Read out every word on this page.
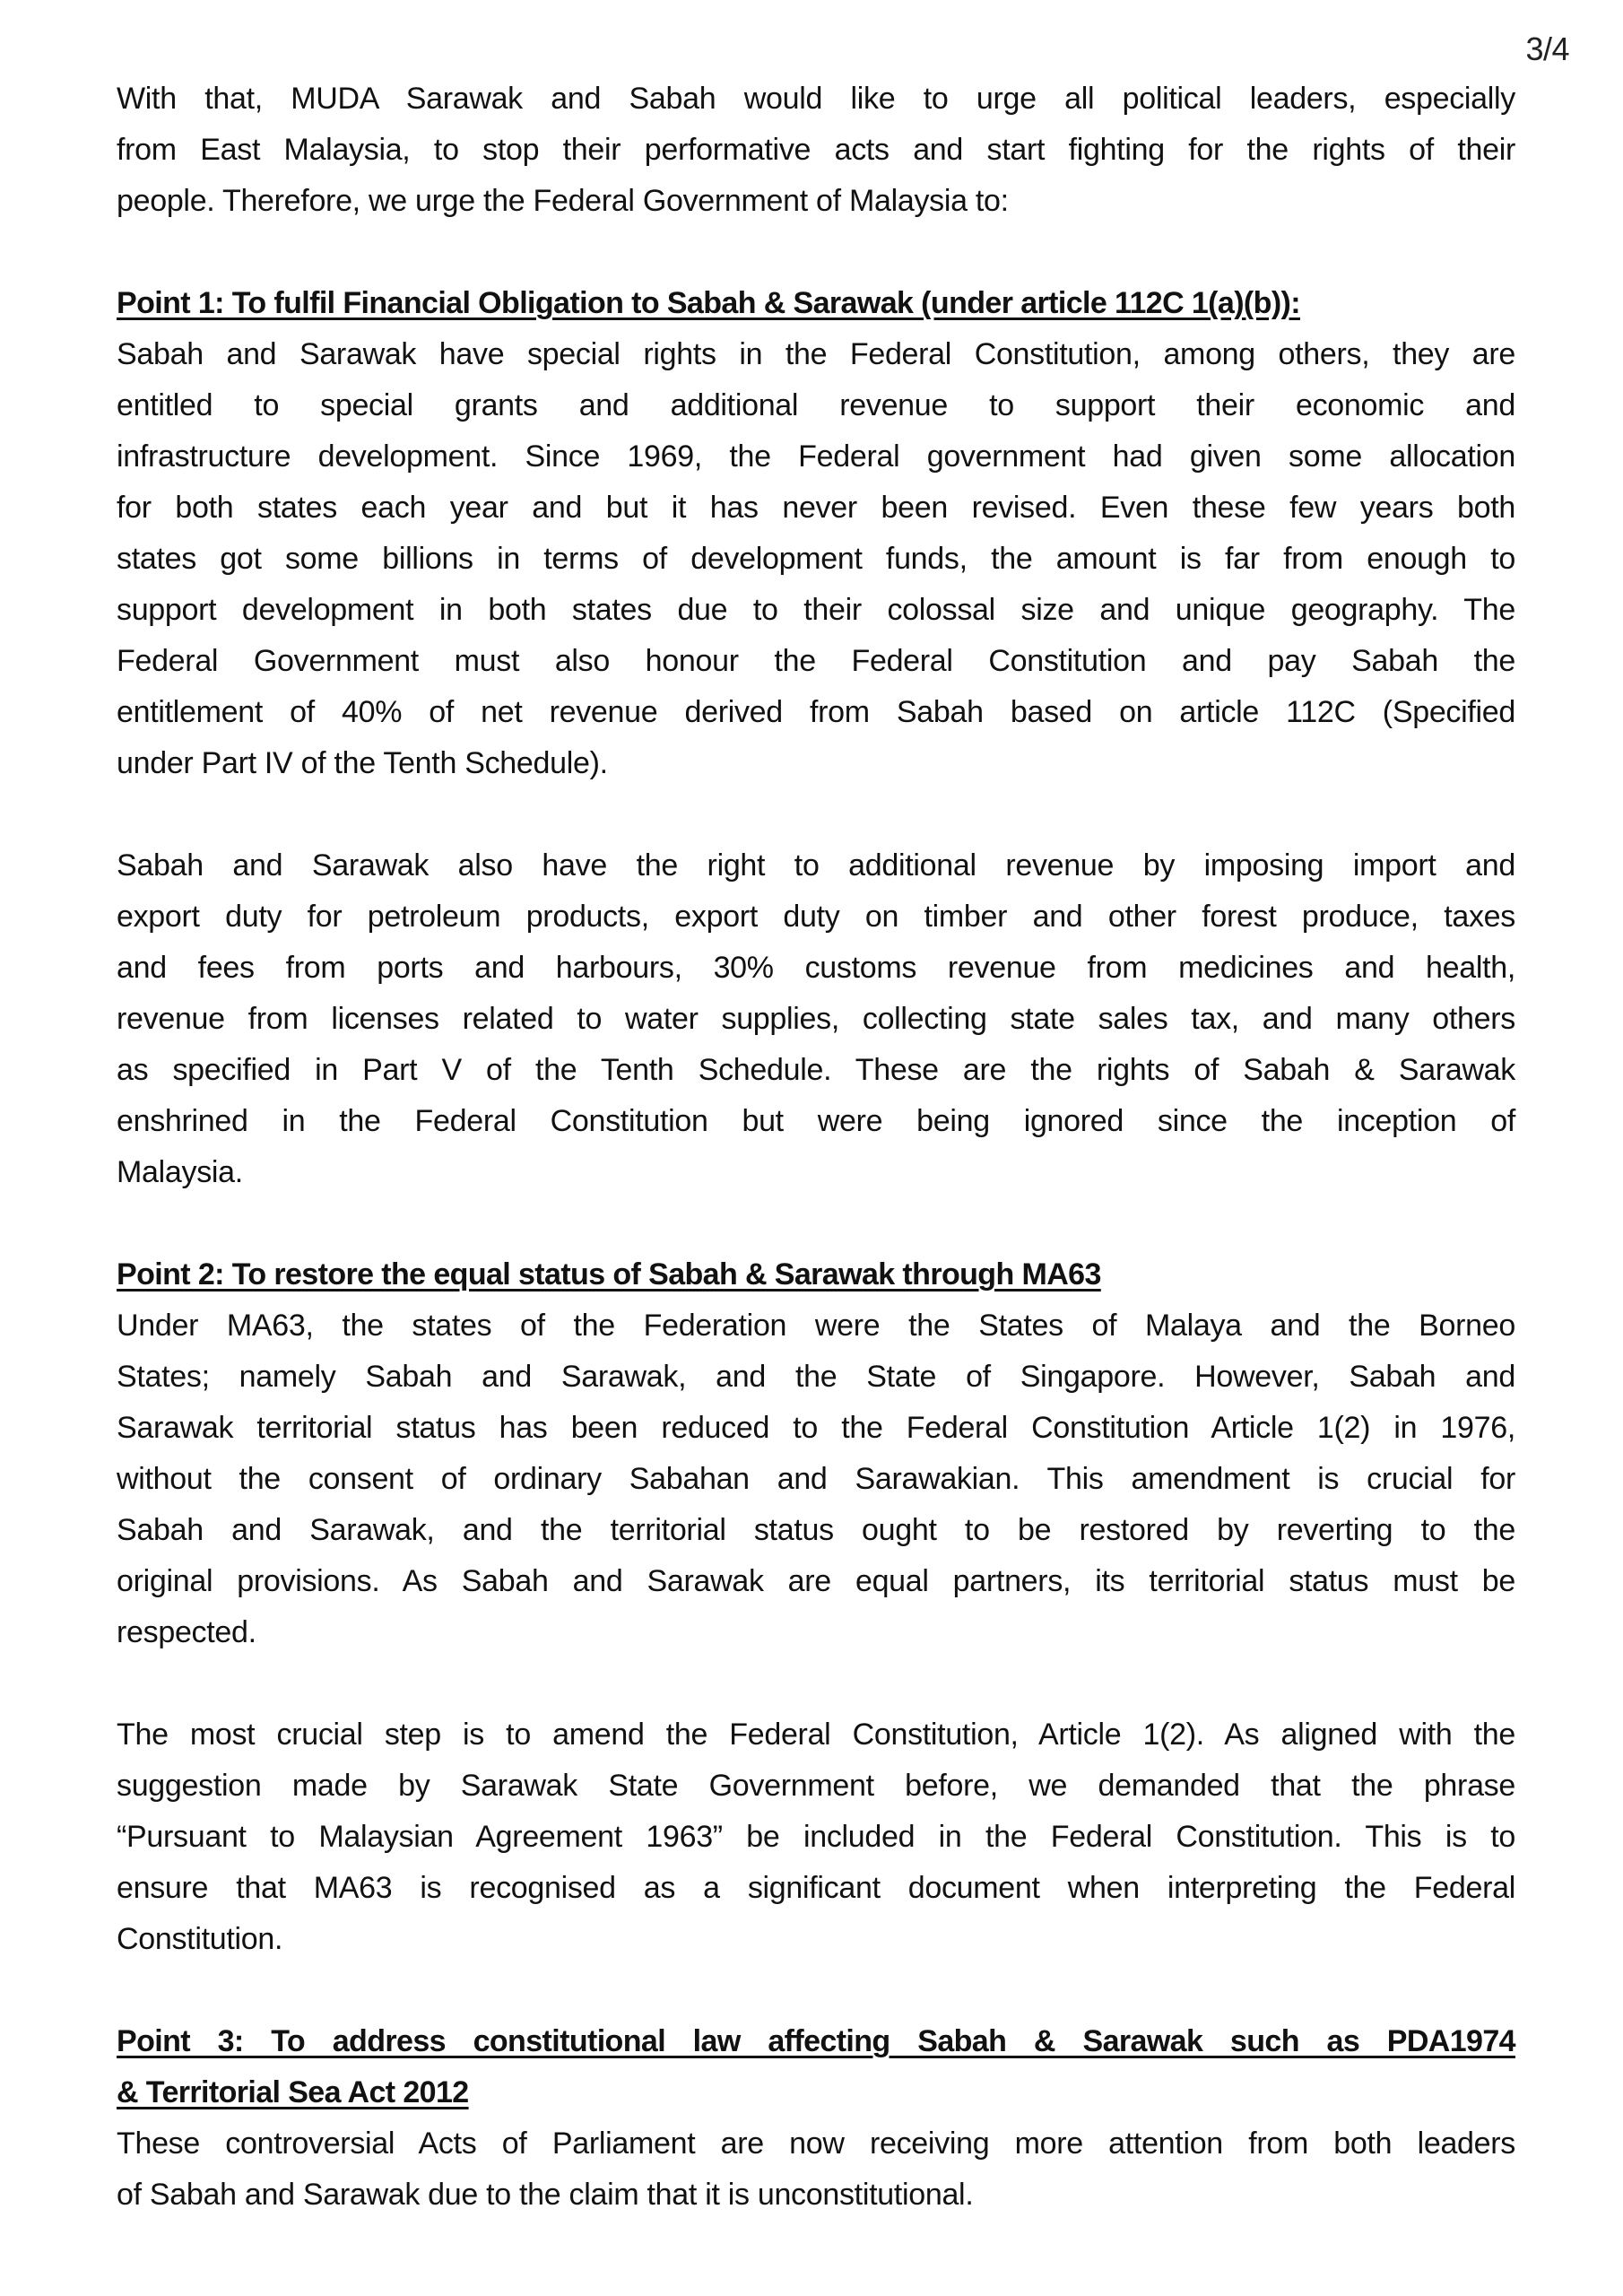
3/4
With that, MUDA Sarawak and Sabah would like to urge all political leaders, especially
from East Malaysia, to stop their performative acts and start fighting for the rights of their
people. Therefore, we urge the Federal Government of Malaysia to:
Point 1: To fulfil Financial Obligation to Sabah & Sarawak (under article 112C 1(a)(b)):
Sabah and Sarawak have special rights in the Federal Constitution, among others, they are
entitled to special grants and additional revenue to support their economic and
infrastructure development. Since 1969, the Federal government had given some allocation
for both states each year and but it has never been revised. Even these few years both
states got some billions in terms of development funds, the amount is far from enough to
support development in both states due to their colossal size and unique geography. The
Federal Government must also honour the Federal Constitution and pay Sabah the
entitlement of 40% of net revenue derived from Sabah based on article 112C (Specified
under Part IV of the Tenth Schedule).
Sabah and Sarawak also have the right to additional revenue by imposing import and
export duty for petroleum products, export duty on timber and other forest produce, taxes
and fees from ports and harbours, 30% customs revenue from medicines and health,
revenue from licenses related to water supplies, collecting state sales tax, and many others
as specified in Part V of the Tenth Schedule. These are the rights of Sabah & Sarawak
enshrined in the Federal Constitution but were being ignored since the inception of
Malaysia.
Point 2: To restore the equal status of Sabah & Sarawak through MA63
Under MA63, the states of the Federation were the States of Malaya and the Borneo
States; namely Sabah and Sarawak, and the State of Singapore. However, Sabah and
Sarawak territorial status has been reduced to the Federal Constitution Article 1(2) in 1976,
without the consent of ordinary Sabahan and Sarawakian. This amendment is crucial for
Sabah and Sarawak, and the territorial status ought to be restored by reverting to the
original provisions. As Sabah and Sarawak are equal partners, its territorial status must be
respected.
The most crucial step is to amend the Federal Constitution, Article 1(2). As aligned with the
suggestion made by Sarawak State Government before, we demanded that the phrase
“Pursuant to Malaysian Agreement 1963” be included in the Federal Constitution. This is to
ensure that MA63 is recognised as a significant document when interpreting the Federal
Constitution.
Point 3: To address constitutional law affecting Sabah & Sarawak such as PDA1974
& Territorial Sea Act 2012
These controversial Acts of Parliament are now receiving more attention from both leaders
of Sabah and Sarawak due to the claim that it is unconstitutional.
